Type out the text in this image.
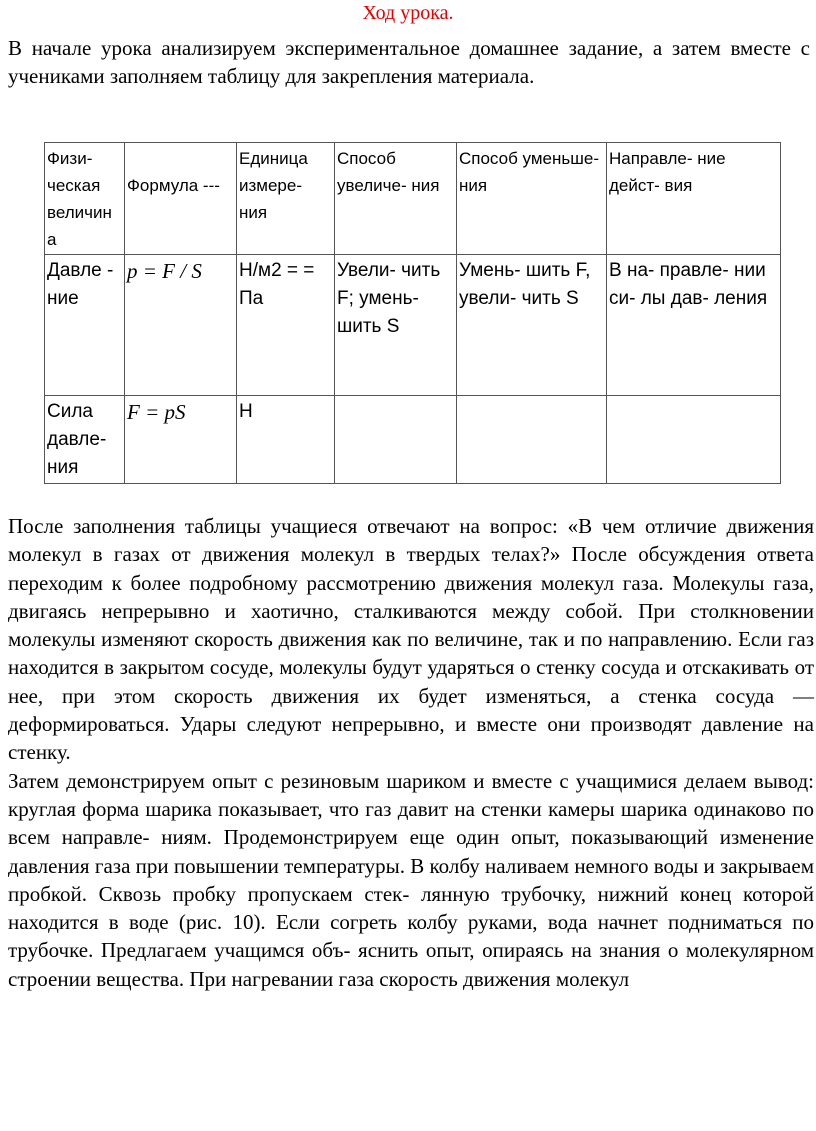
Ход урока.

В начале урока анализируем экспериментальное домашнее задание, а затем вместе с учениками заполняем таблицу для закрепления материала.

Физи- ческая величин а	Формула ---	Единица измере- ния	Способ увеличе- ния	Способ уменьше- ния	Направле- ние дейст- вия
Давле - ние	p = F / S	Н/м2 = = Па	Увели- чить F; умень- шить S	Умень- шить F, увели- чить S	В на- правле- нии си- лы дав- ления
Сила давле- ния	F = pS	Н			

После заполнения таблицы учащиеся отвечают на вопрос: «В чем отличие движения молекул в газах от движения молекул в твердых телах?» После обсуждения ответа переходим к более подробному рассмотрению движения молекул газа. Молекулы газа, двигаясь непрерывно и хаотично, сталкиваются между собой. При столкновении молекулы изменяют скорость движения как по величине, так и по направлению. Если газ находится в закрытом сосуде, молекулы будут ударяться о стенку сосуда и отскакивать от нее, при этом скорость движения их будет изменяться, а стенка сосуда — деформироваться. Удары следуют непрерывно, и вместе они производят давление на стенку.

Затем демонстрируем опыт с резиновым шариком и вместе с учащимися делаем вывод: круглая форма шарика показывает, что газ давит на стенки камеры шарика одинаково по всем направле- ниям. Продемонстрируем еще один опыт, показывающий изменение давления газа при повышении температуры. В колбу наливаем немного воды и закрываем пробкой. Сквозь пробку пропускаем стек- лянную трубочку, нижний конец которой находится в воде (рис. 10). Если согреть колбу руками, вода начнет подниматься по трубочке. Предлагаем учащимся объ- яснить опыт, опираясь на знания о молекулярном строении вещества. При нагревании газа скорость движения молекул
